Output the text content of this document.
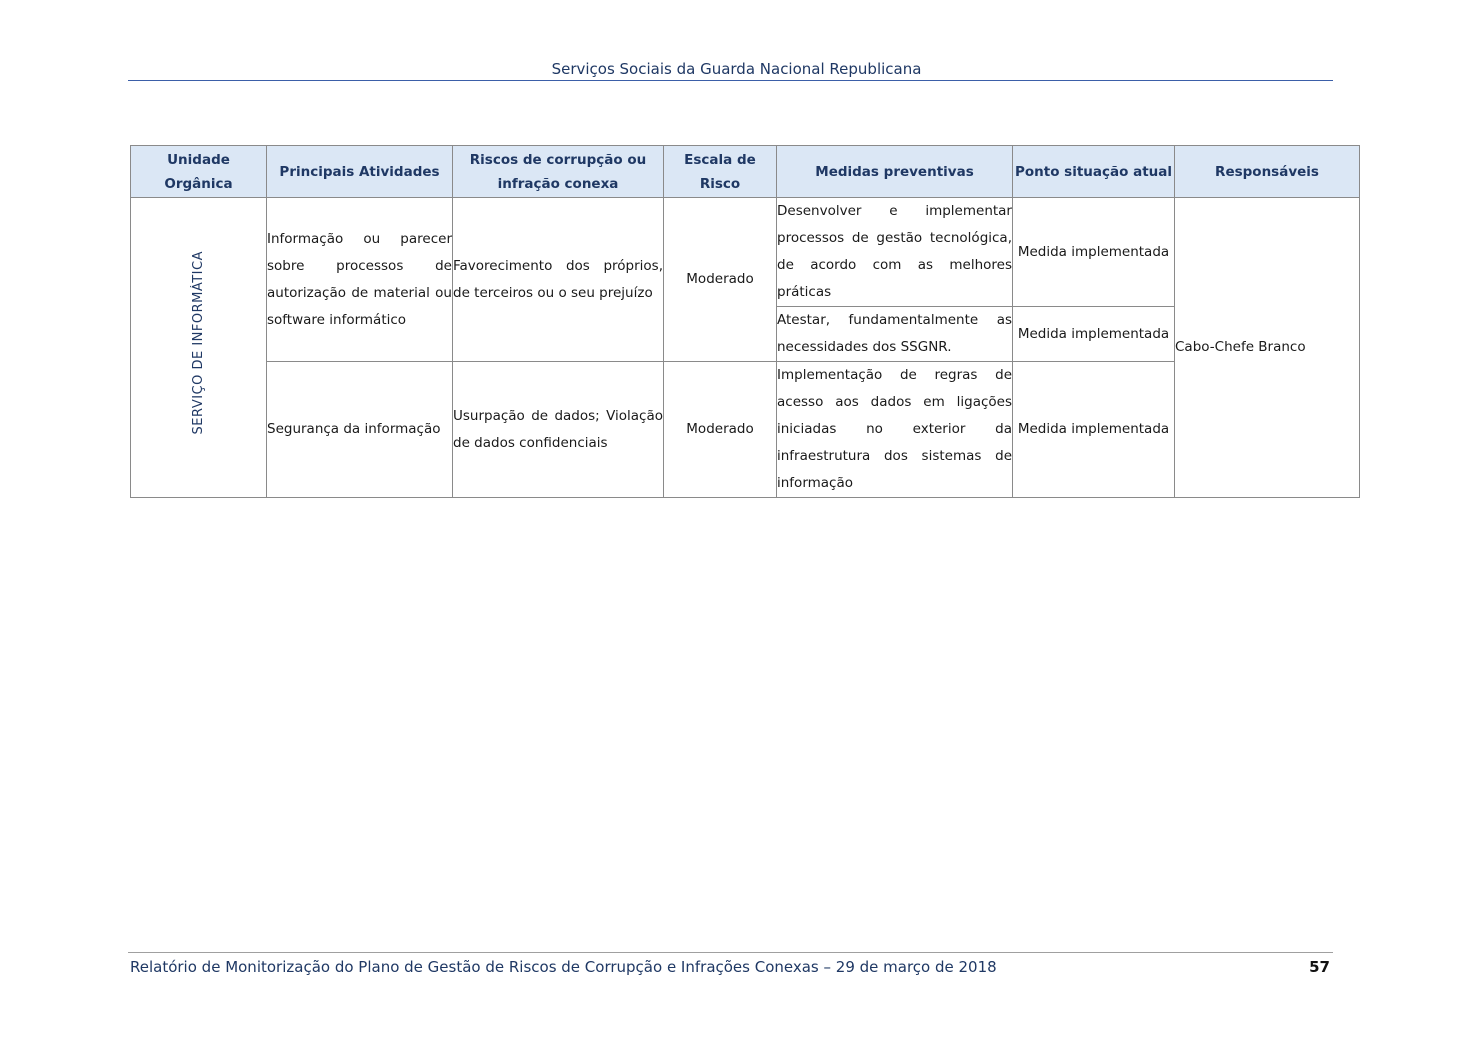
Serviços Sociais da Guarda Nacional Republicana
Unidade Orgânica	Principais Atividades	Riscos de corrupção ou infração conexa	Escala de Risco	Medidas preventivas	Ponto situação atual	Responsáveis
SERVIÇO DE INFORMÁTICA	Informação ou parecer sobre processos de autorização de material ou software informático	Favorecimento dos próprios, de terceiros ou o seu prejuízo	Moderado	Desenvolver e implementar processos de gestão tecnológica, de acordo com as melhores práticas	Medida implementada	Cabo-Chefe Branco
				Atestar, fundamentalmente as necessidades dos SSGNR.	Medida implementada	
	Segurança da informação	Usurpação de dados; Violação de dados confidenciais	Moderado	Implementação de regras de acesso aos dados em ligações iniciadas no exterior da infraestrutura dos sistemas de informação	Medida implementada	
Relatório de Monitorização do Plano de Gestão de Riscos de Corrupção e Infrações Conexas – 29 de março de 2018	57
